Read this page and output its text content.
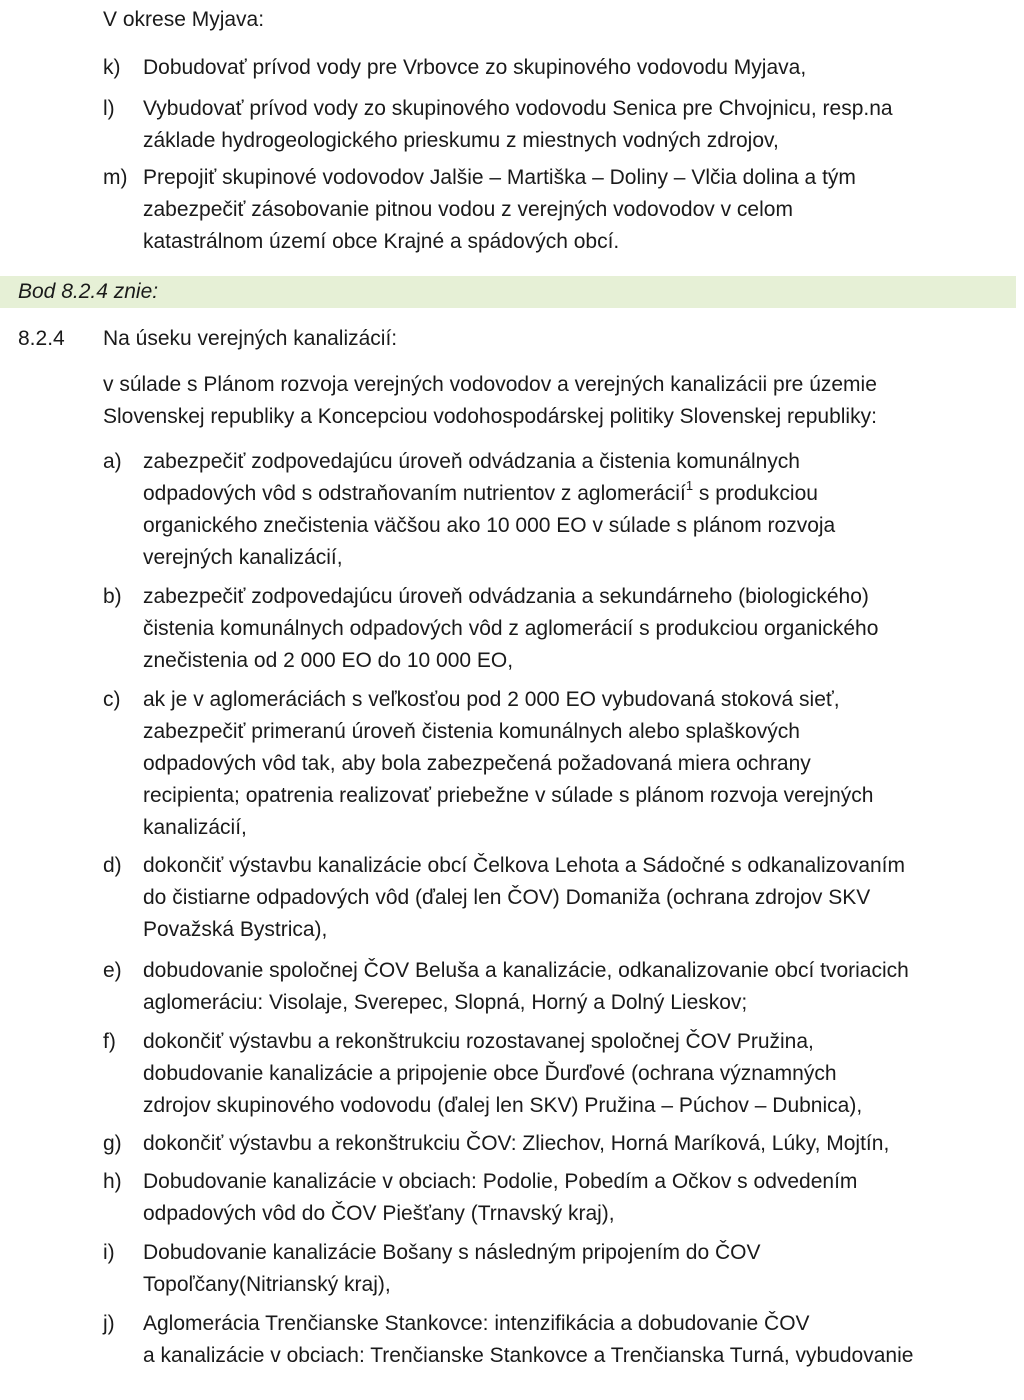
V okrese Myjava:
k)	Dobudovať prívod vody pre Vrbovce zo skupinového vodovodu Myjava,
l)	Vybudovať prívod vody zo skupinového vodovodu Senica pre Chvojnicu, resp.na
základe hydrogeologického prieskumu z miestnych vodných zdrojov,
m) Prepojiť skupinové vodovodov Jalšie – Martiška – Doliny – Vlčia dolina a tým
zabezpečiť zásobovanie pitnou vodou z verejných vodovodov v celom
katastrálnom území obce Krajné a spádových obcí.
Bod 8.2.4 znie:
8.2.4 Na úseku verejných kanalizácií:
v súlade s Plánom rozvoja verejných vodovodov a verejných kanalizácii pre územie
Slovenskej republiky a Koncepciou vodohospodárskej politiky Slovenskej republiky:
a)	zabezpečiť zodpovedajúcu úroveň odvádzania a čistenia komunálnych
odpadových vôd s odstraňovaním nutrientov z aglomerácií$^1$ s produkciou
organického znečistenia väčšou ako 10 000 EO v súlade s plánom rozvoja
verejných kanalizácií,
b)	zabezpečiť zodpovedajúcu úroveň odvádzania a sekundárneho (biologického)
čistenia komunálnych odpadových vôd z aglomerácií s produkciou organického
znečistenia od 2 000 EO do 10 000 EO,
c)	ak je v aglomeráciách s veľkosťou pod 2 000 EO vybudovaná stoková sieť,
zabezpečiť primeranú úroveň čistenia komunálnych alebo splaškových
odpadových vôd tak, aby bola zabezpečená požadovaná miera ochrany
recipienta; opatrenia realizovať priebežne v súlade s plánom rozvoja verejných
kanalizácií,
d)	dokončiť výstavbu kanalizácie obcí Čelkova Lehota a Sádočné s odkanalizovaním
do čistiarne odpadových vôd (ďalej len ČOV) Domaniža (ochrana zdrojov SKV
Považská Bystrica),
e)	dobudovanie spoločnej ČOV Beluša a kanalizácie, odkanalizovanie obcí tvoriacich
aglomeráciu: Visolaje, Sverepec, Slopná, Horný a Dolný Lieskov;
f)	dokončiť výstavbu a rekonštrukciu rozostavanej spoločnej ČOV Pružina,
dobudovanie kanalizácie a pripojenie obce Ďurďové (ochrana významných
zdrojov skupinového vodovodu (ďalej len SKV) Pružina – Púchov – Dubnica),
g)	dokončiť výstavbu a rekonštrukciu ČOV: Zliechov, Horná Maríková, Lúky, Mojtín,
h)	Dobudovanie kanalizácie v obciach: Podolie, Pobedím a Očkov s odvedením
odpadových vôd do ČOV Piešťany (Trnavský kraj),
i)	Dobudovanie kanalizácie Bošany s následným pripojením do ČOV
Topoľčany(Nitrianský kraj),
j)	Aglomerácia Trenčianske Stankovce: intenzifikácia a dobudovanie ČOV
a kanalizácie v obciach: Trenčianske Stankovce a Trenčianska Turná, vybudovanie
